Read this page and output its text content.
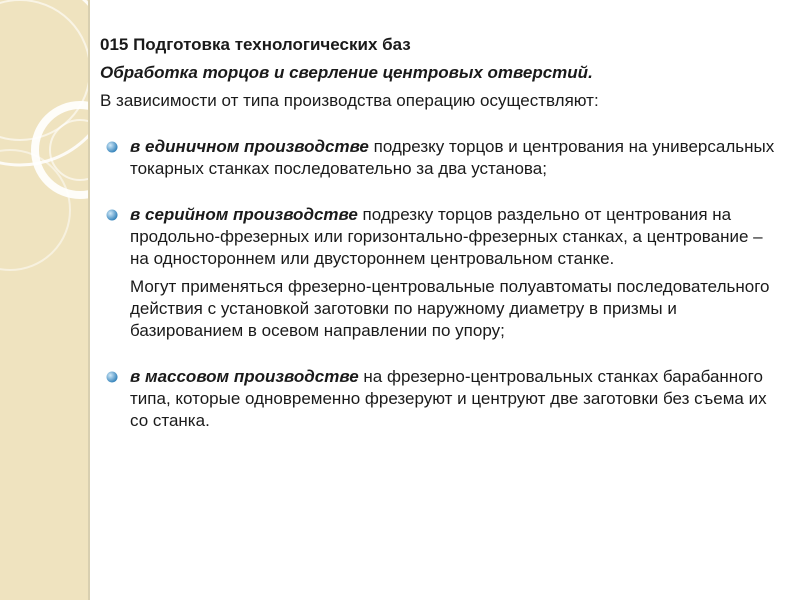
015 Подготовка технологических баз

Обработка торцов и сверление центровых отверстий.

В зависимости от типа производства операцию осуществляют:

в единичном производстве подрезку торцов и центрования на универсальных токарных станках последовательно за два установа;
в серийном производстве подрезку торцов раздельно от центрования на продольно-фрезерных или горизонтально-фрезерных станках, а центрование – на одностороннем или двустороннем центровальном станке.
Могут применяться фрезерно-центровальные полуавтоматы последовательного действия с установкой заготовки по наружному диаметру в призмы и базированием в осевом направлении по упору;
в массовом производстве на фрезерно-центровальных станках барабанного типа, которые одновременно фрезеруют и центруют две заготовки без съема их со станка.
